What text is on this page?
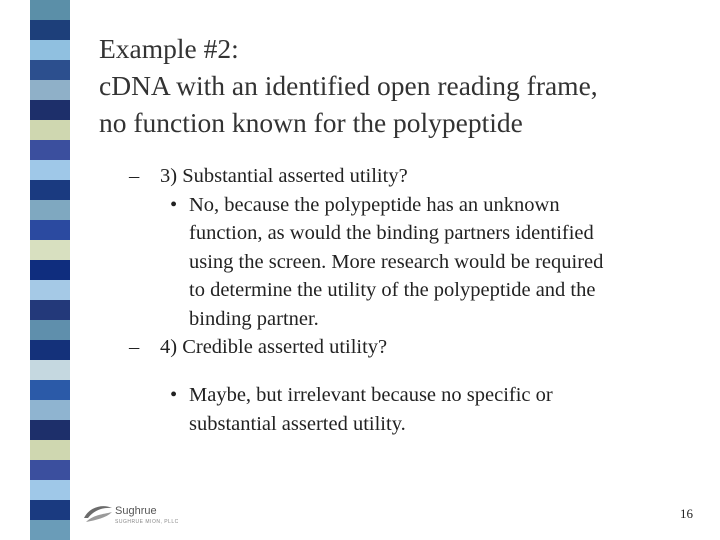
Example #2:
cDNA with an identified open reading frame,
no function known for the polypeptide
– 3) Substantial asserted utility?
• No, because the polypeptide has an unknown
function, as would the binding partners identified
using the screen. More research would be required
to determine the utility of the polypeptide and the
binding partner.
– 4) Credible asserted utility?
• Maybe, but irrelevant because no specific or
substantial asserted utility.
Sughrue
SUGHRUE MION, PLLC
16
